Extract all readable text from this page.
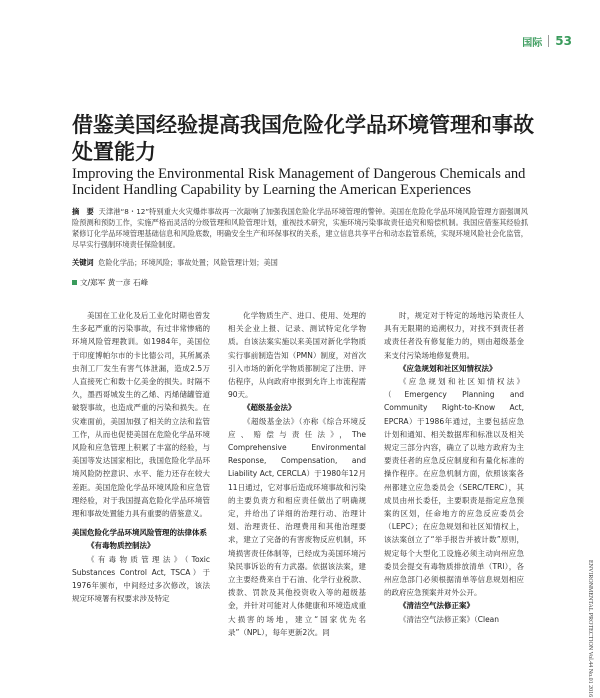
国际 53
借鉴美国经验提高我国危险化学品环境管理和事故处置能力
Improving the Environmental Risk Management of Dangerous Chemicals and Incident Handling Capability by Learning the American Experiences
摘　要 天津港“8・12”特别重大火灾爆炸事故再一次敲响了加强我国危险化学品环境管理的警钟。美国在危险化学品环境风险管理方面强调风险预测和预防工作，实施严格而灵活的分级管理和风险管理计划，重视技术研究，实施环境污染事故责任追究和赔偿机制。我国应借鉴其经验抓紧修订化学品环境管理基础信息和风险底数，明确安全生产和环保事权的关系，建立信息共享平台和动态监管系统，实现环境风险社会化监管，尽早实行强制环境责任保险制度。
关键词 危险化学品；环境风险；事故处置；风险管理计划；美国
文/郑军 黄一彦 石峰

美国在工业化及后工业化时期也曾发生多起严重的污染事故，有过非常惨痛的环境风险管理教训。如1984年，美国位于印度博帕尔市的卡比德公司，其所属杀虫剂工厂发生有害气体泄漏，造成2.5万人直接死亡和数十亿美金的损失。时隔不久，墨西哥城发生的乙烯、丙烯储罐管道破裂事故，也造成严重的污染和损失。在灾难面前，美国加强了相关的立法和监管工作，从而也促使美国在危险化学品环境风险和应急管理上积累了丰富的经验，与美国等发达国家相比，我国危险化学品环境风险防控意识、水平、能力还存在较大差距。美国危险化学品环境风险和应急管理经验，对于我国提高危险化学品环境管理和事故处置能力具有重要的借鉴意义。

美国危险化学品环境风险管理的法律体系

《有毒物质控制法》

《有毒物质管理法》（Toxic Substances Control Act, TSCA）于1976年颁布，中间经过多次修改，该法规定环境署有权要求涉及特定

化学物质生产、进口、使用、处理的相关企业上报、记录、测试特定化学物质。自该法案实施以来美国对新化学物质实行事前制造告知（PMN）制度，对首次引入市场的新化学物质都制定了注册、评估程序，从向政府申报到允许上市流程需90天。

《超级基金法》

《超级基金法》（亦称《综合环境反应、赔偿与责任法》，The Comprehensive Environmental Response, Compensation, and Liability Act, CERCLA）于1980年12月11日通过，它对事后造成环境事故和污染的主要负责方和相应责任做出了明确规定，并给出了详细的治理行动、治理计划、治理责任、治理费用和其他治理要求，建立了完备的有害废物反应机制，环境损害责任体制等，已经成为美国环境污染民事诉讼的有力武器。依据该法案，建立主要经费来自于石油、化学行业税款、拨款、罚款及其他投资收入等的超级基金，并针对可能对人体健康和环境造成重大损害的场地，建立“国家优先名录”（NPL），每年更新2次。同

时，规定对于特定的场地污染责任人具有无限期的追溯权力，对找不到责任者或责任者没有修复能力的，则由超级基金来支付污染场地修复费用。

《应急规划和社区知情权法》

《应急规划和社区知情权法》（Emergency Planning and Community Right-to-Know Act, EPCRA）于1986年通过，主要包括应急计划和通知、相关数据库和标准以及相关规定三部分内容，确立了以地方政府为主要责任者的应急反应制度和有量化标准的操作程序。在应急机制方面，依照该案各州都建立应急委员会（SERC/TERC），其成员由州长委任，主要职责是指定应急预案的区划，任命地方的应急反应委员会（LEPC）；在应急规划和社区知情权上，该法案创立了“举手报告并被计数”原则，规定每个大型化工设施必须主动向州应急委员会提交有毒物质排放清单（TRI），各州应急部门必须根据清单等信息规划相应的政府应急预案并对外公开。

《清洁空气法修正案》

《清洁空气法修正案》（Clean	ENVIRONMENTAL PROTECTION Vol.44 No.01 2016
